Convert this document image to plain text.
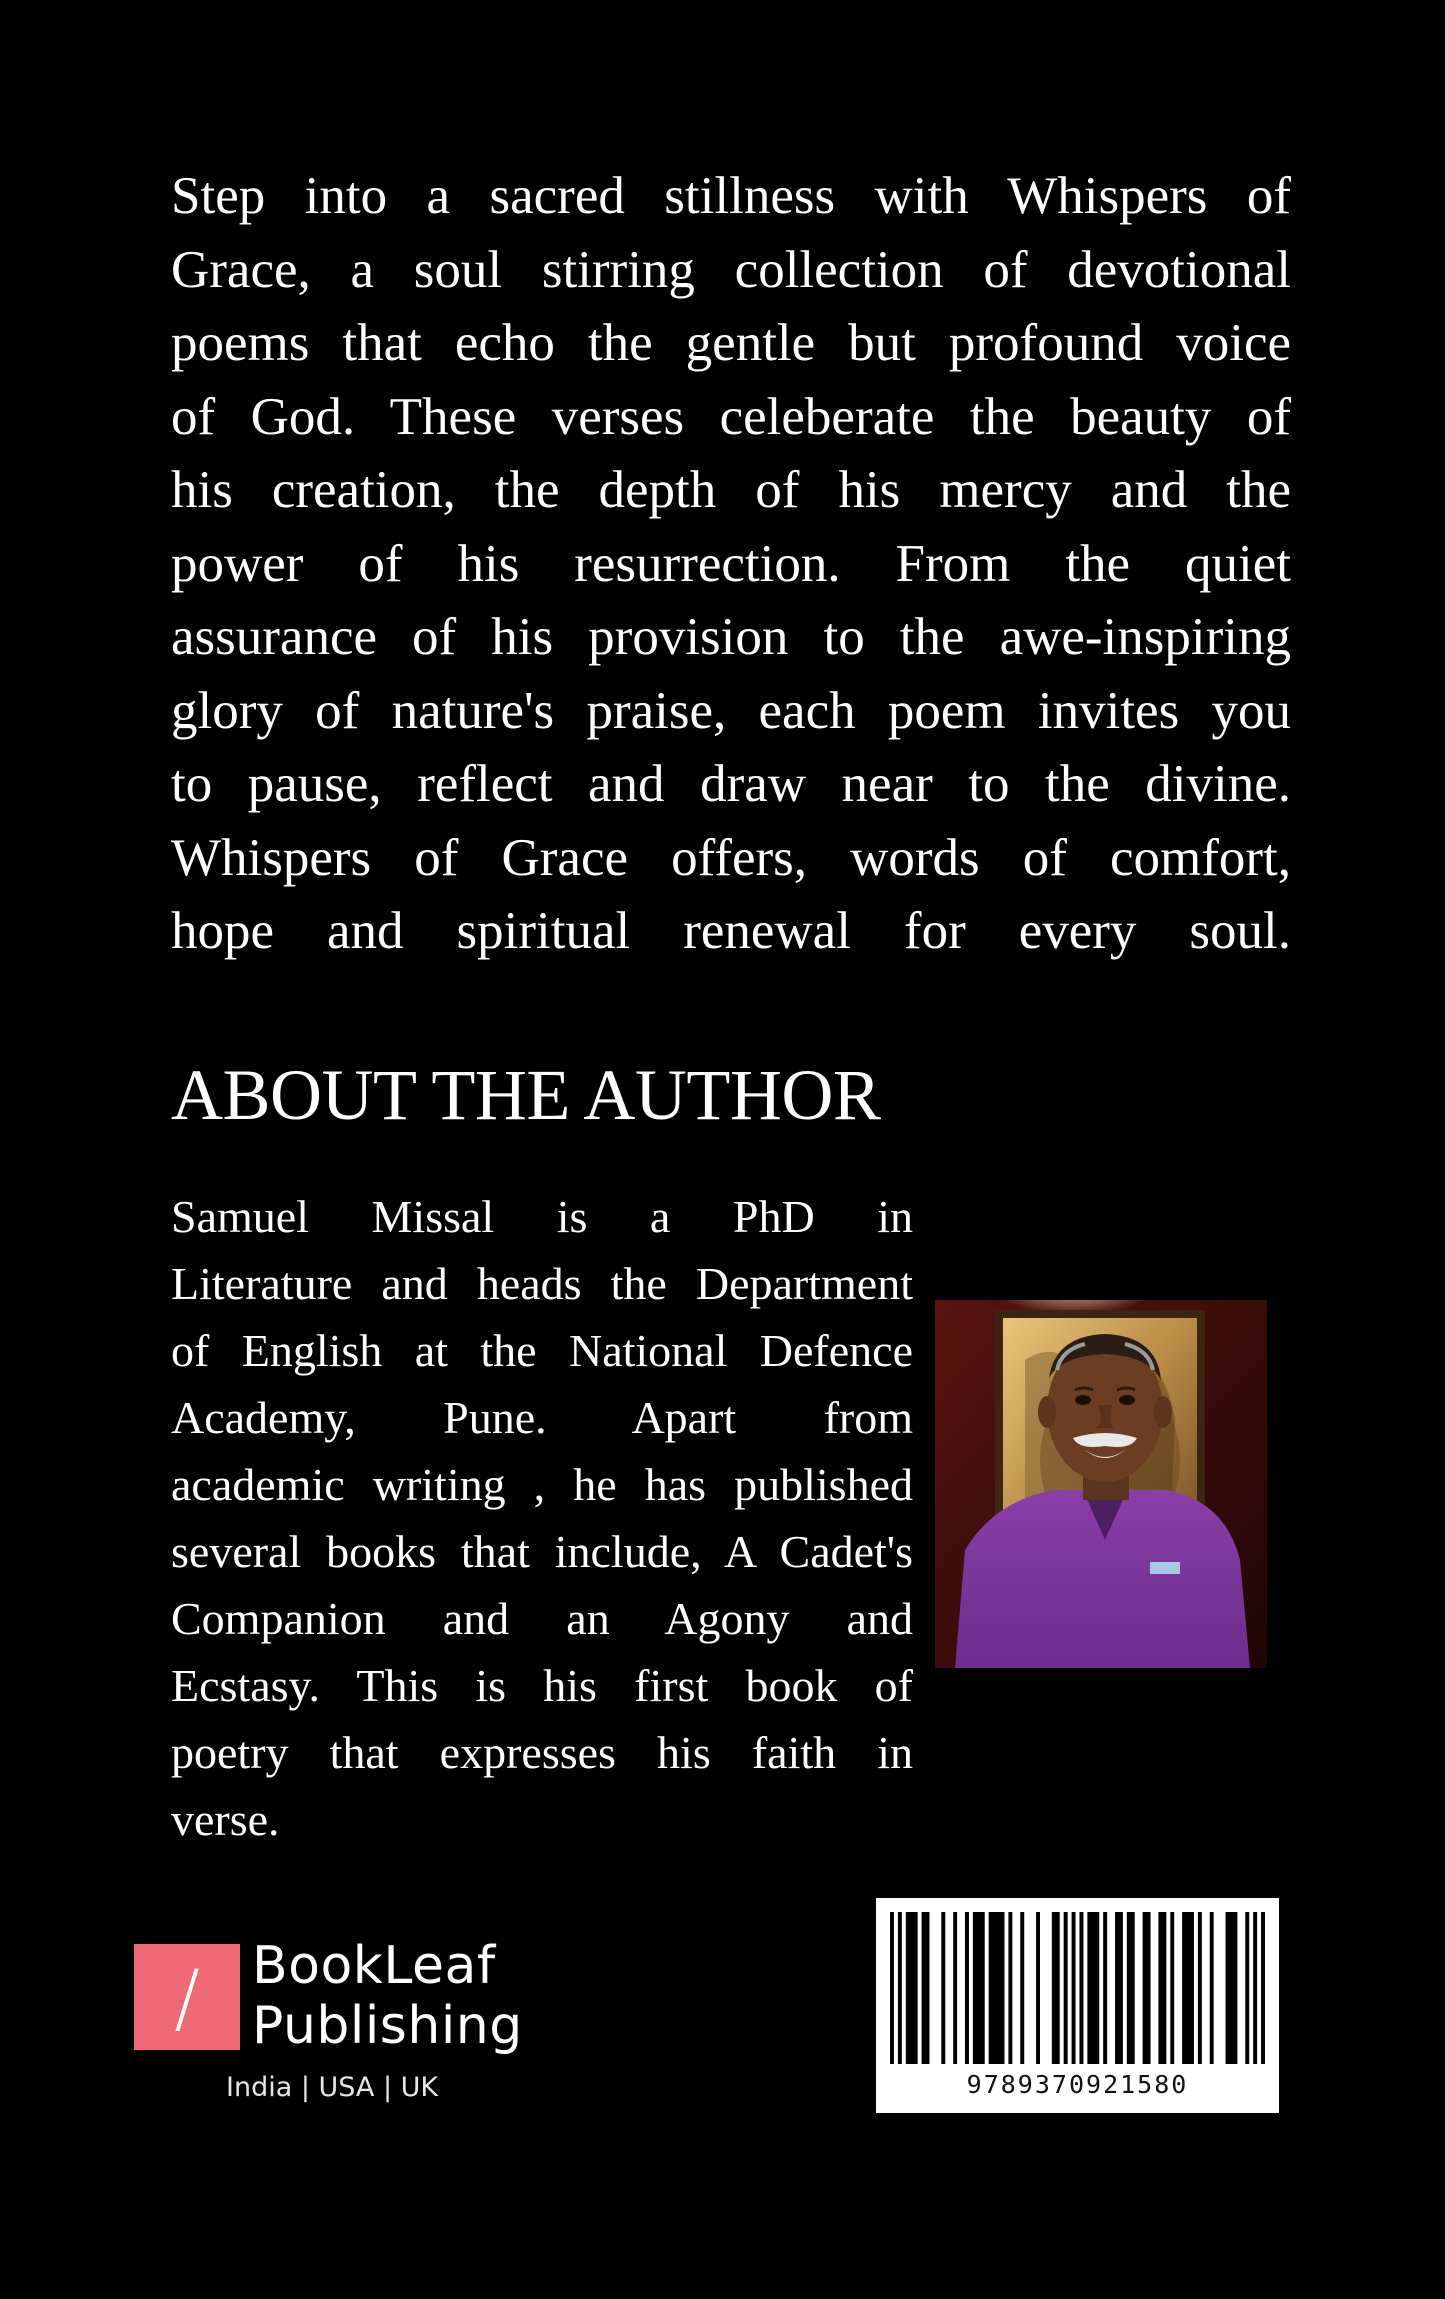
Step into a sacred stillness with Whispers of
Grace, a soul stirring collection of devotional
poems that echo the gentle but profound voice
of God. These verses celeberate the beauty of
his creation, the depth of his mercy and the
power of his resurrection. From the quiet
assurance of his provision to the awe-inspiring
glory of nature's praise, each poem invites you
to pause, reflect and draw near to the divine.
Whispers of Grace offers, words of comfort,
hope and spiritual renewal for every soul.
ABOUT THE AUTHOR
Samuel Missal is a PhD in
Literature and heads the Department
of English at the National Defence
Academy, Pune. Apart from
academic writing , he has published
several books that include, A Cadet's
Companion and an Agony and
Ecstasy. This is his first book of
poetry that expresses his faith in
verse.
/	BookLeaf
Publishing
India | USA | UK	9789370921580
